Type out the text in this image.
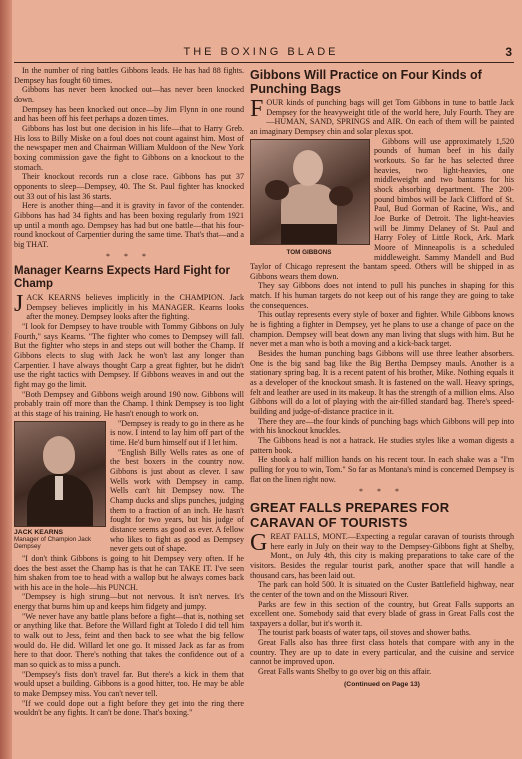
THE BOXING BLADE	3

In the number of ring battles Gibbons leads. He has had 88 fights. Dempsey has fought 60 times.

Gibbons has never been knocked out—has never been knocked down.

Dempsey has been knocked out once—by Jim Flynn in one round and has been off his feet perhaps a dozen times.

Gibbons has lost but one decision in his life—that to Harry Greb. His loss to Billy Miske on a foul does not count against him. Most of the newspaper men and Chairman William Muldoon of the New York boxing commission gave the fight to Gibbons on a knockout to the stomach.

Their knockout records run a close race. Gibbons has put 37 opponents to sleep—Dempsey, 40. The St. Paul fighter has knocked out 33 out of his last 36 starts.

Here is another thing—and it is gravity in favor of the contender. Gibbons has had 34 fights and has been boxing regularly from 1921 up until a month ago. Dempsey has had but one battle—that his four-round knockout of Carpentier during the same time. That's that—and a big THAT.

* * *
Manager Kearns Expects Hard Fight for Champ

JACK KEARNS believes implicitly in the CHAMPION. Jack Dempsey believes implicitly in his MANAGER. Kearns looks after the money. Dempsey looks after the fighting.

"I look for Dempsey to have trouble with Tommy Gibbons on July Fourth," says Kearns. "The fighter who comes to Dempsey will fall. But the fighter who steps in and steps out will bother the Champ. If Gibbons elects to slug with Jack he won't last any longer than Carpentier. I have always thought Carp a great fighter, but he didn't use the right tactics with Dempsey. If Gibbons weaves in and out the fight may go the limit.

"Both Dempsey and Gibbons weigh around 190 now. Gibbons will probably train off more than the Champ. I think Dempsey is too light at this stage of his training. He hasn't enough to work on.

JACK KEARNS
Manager of Champion Jack Dempsey

"Dempsey is ready to go in there as he is now. I intend to lay him off part of the time. He'd burn himself out if I let him.

"English Billy Wells rates as one of the best boxers in the country now. Gibbons is just about as clever. I saw Wells work with Dempsey in camp. Wells can't hit Dempsey now. The Champ ducks and slips punches, judging them to a fraction of an inch. He hasn't fought for two years, but his judge of distance seems as good as ever. A fellow who likes to fight as good as Dempsey never gets out of shape.

"I don't think Gibbons is going to hit Dempsey very often. If he does the best asset the Champ has is that he can TAKE IT. I've seen him shaken from toe to head with a wallop but he always comes back with his ace in the hole—his PUNCH.

"Dempsey is high strung—but not nervous. It isn't nerves. It's energy that burns him up and keeps him fidgety and jumpy.

"We never have any battle plans before a fight—that is, nothing set or anything like that. Before the Willard fight at Toledo I did tell him to walk out to Jess, feint and then back to see what the big fellow would do. He did. Willard let one go. It missed Jack as far as from here to that door. There's nothing that takes the confidence out of a man so quick as to miss a punch.

"Dempsey's fists don't travel far. But there's a kick in them that would upset a building. Gibbons is a good hitter, too. He may be able to make Dempsey miss. You can't never tell.

"If we could dope out a fight before they get into the ring there wouldn't be any fights. It can't be done. That's boxing."

Gibbons Will Practice on Four Kinds of Punching Bags

FOUR kinds of punching bags will get Tom Gibbons in tune to battle Jack Dempsey for the heavyweight title of the world here, July Fourth. They are—HUMAN, SAND, SPRINGS and AIR. On each of them will be painted an imaginary Dempsey chin and solar plexus spot.

TOM GIBBONS

Gibbons will use approximately 1,520 pounds of human beef in his daily workouts. So far he has selected three heavies, two light-heavies, one middleweight and two bantams for his shock absorbing department. The 200-pound bimbos will be Jack Clifford of St. Paul, Bud Gorman of Racine, Wis., and Joe Burke of Detroit. The light-heavies will be Jimmy Delaney of St. Paul and Harry Foley of Little Rock, Ark. Mark Moore of Minneapolis is a scheduled middleweight. Sammy Mandell and Bud Taylor of Chicago represent the bantam speed. Others will be shipped in as Gibbons wears them down.

They say Gibbons does not intend to pull his punches in shaping for this match. If his human targets do not keep out of his range they are going to take the consequences.

This outlay represents every style of boxer and fighter. While Gibbons knows he is fighting a fighter in Dempsey, yet he plans to use a change of pace on the champion. Dempsey will beat down any man living that slugs with him. But he never met a man who is both a moving and a kick-back target.

Besides the human punching bags Gibbons will use three leather absorbers. One is the big sand bag like the Big Bertha Dempsey mauls. Another is a stationary spring bag. It is a recent patent of his brother, Mike. Nothing equals it as a developer of the knockout smash. It is fastened on the wall. Heavy springs, felt and leather are used in its makeup. It has the strength of a million elms. Also Gibbons will do a lot of playing with the air-filled standard bag. There's speed-building and judge-of-distance practice in it.

There they are—the four kinds of punching bags which Gibbons will pep into with his knockout knuckles.

The Gibbons head is not a hatrack. He studies styles like a woman digests a pattern book.

He shook a half million hands on his recent tour. In each shake was a "I'm pulling for you to win, Tom." So far as Montana's mind is concerned Dempsey is flat on the linen right now.

* * *
GREAT FALLS PREPARES FOR CARAVAN OF TOURISTS

GREAT FALLS, MONT.—Expecting a regular caravan of tourists through here early in July on their way to the Dempsey-Gibbons fight at Shelby, Mont., on July 4th, this city is making preparations to take care of the visitors. Besides the regular tourist park, another space that will handle a thousand cars, has been laid out.

The park can hold 500. It is situated on the Custer Battlefield highway, near the center of the town and on the Missouri River.

Parks are few in this section of the country, but Great Falls supports an excellent one. Somebody said that every blade of grass in Great Falls cost the taxpayers a dollar, but it's worth it.

The tourist park boasts of water taps, oil stoves and shower baths.

Great Falls also has three first class hotels that compare with any in the country. They are up to date in every particular, and the cuisine and service cannot be improved upon.

Great Falls wants Shelby to go over big on this affair.

(Continued on Page 13)
